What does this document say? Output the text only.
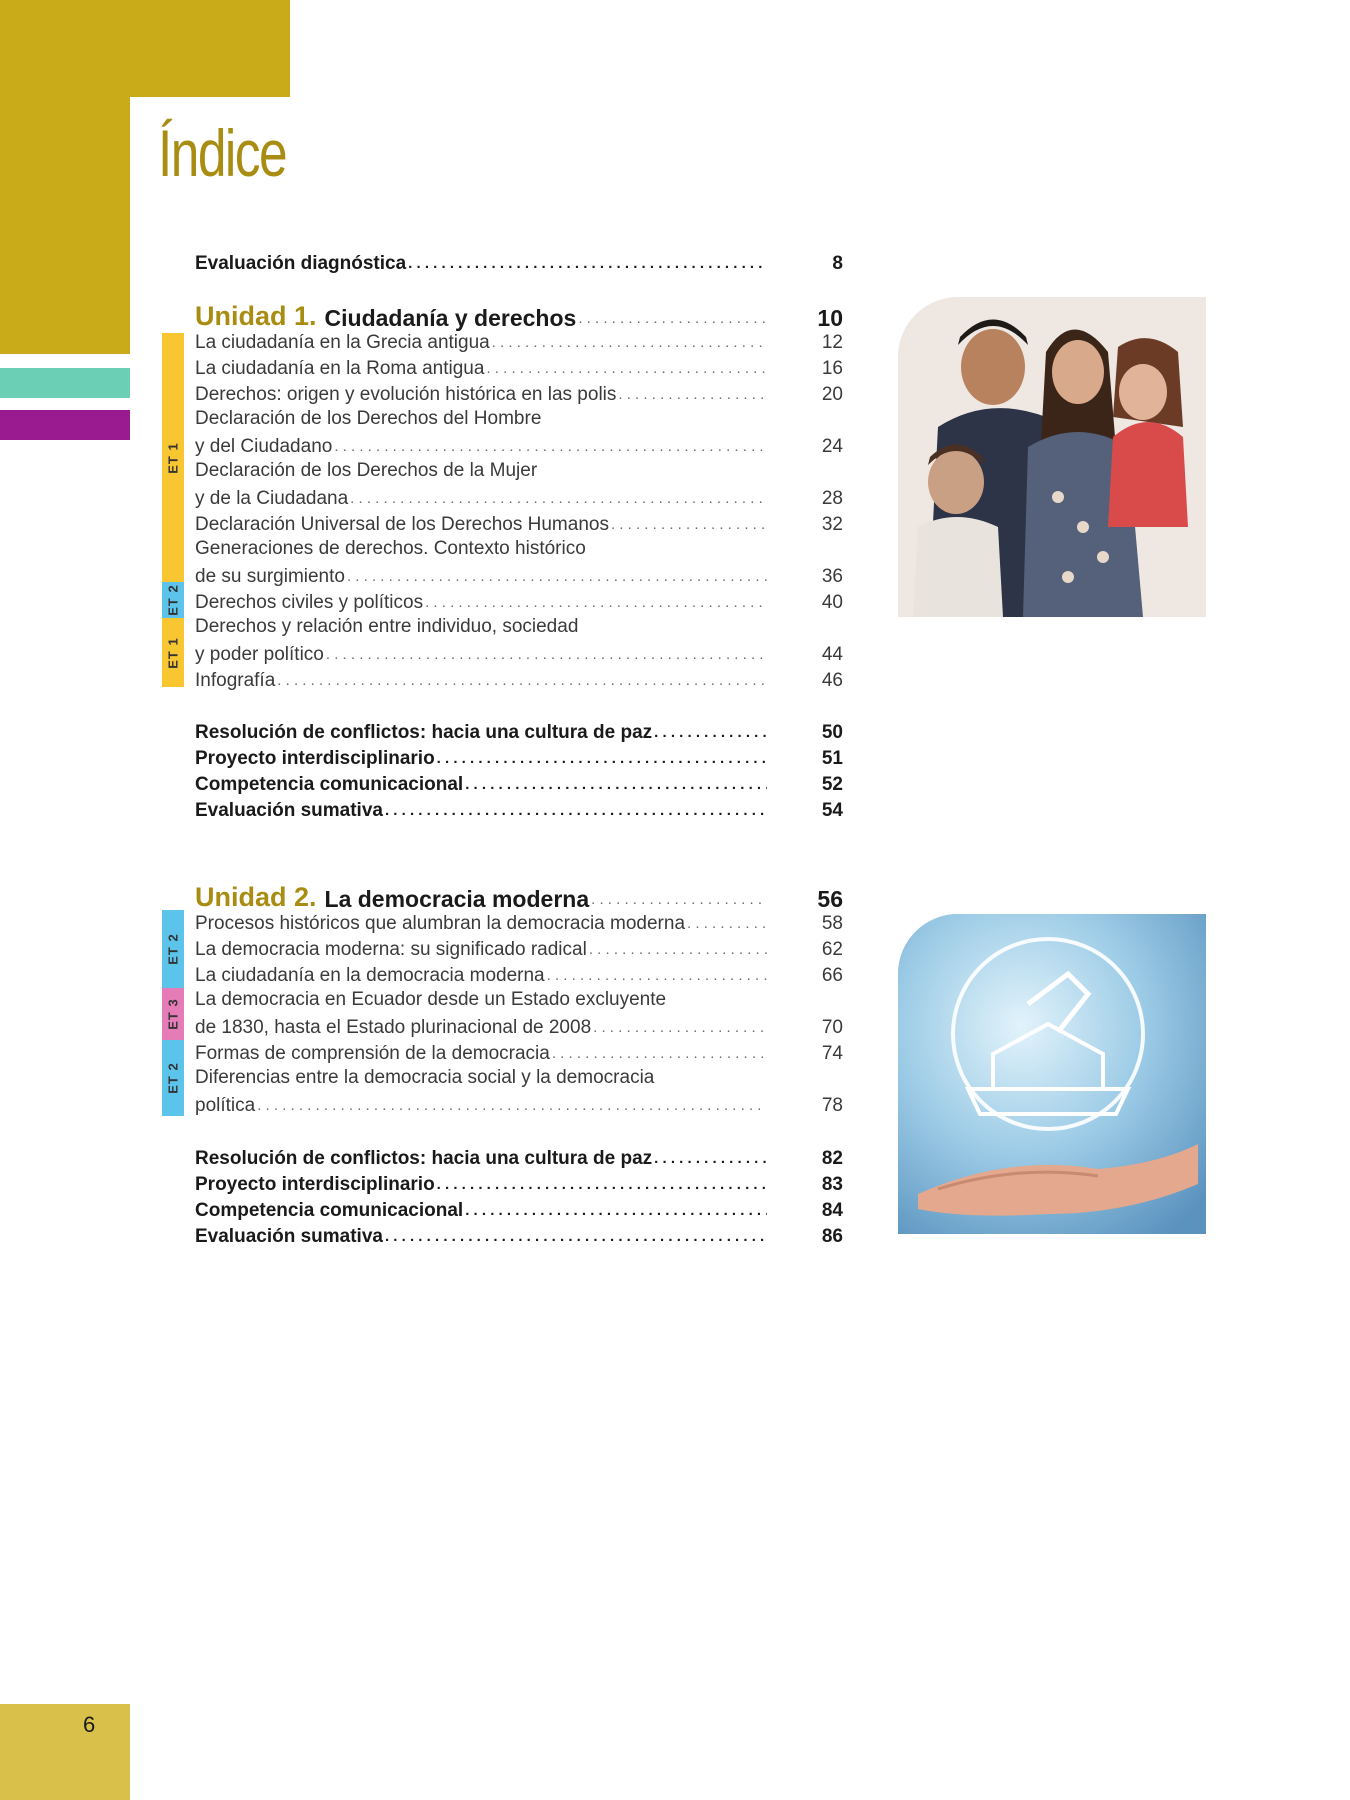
Índice
Evaluación diagnóstica . . .	8
Unidad 1. Ciudadanía y derechos . . .	10
ET 1
ET 2
ET 1
La ciudadanía en la Grecia antigua . . .	12
La ciudadanía en la Roma antigua . . .	16
Derechos: origen y evolución histórica en las polis . . .	20
Declaración de los Derechos del Hombre
y del Ciudadano . . .	24
Declaración de los Derechos de la Mujer
y de la Ciudadana . . .	28
Declaración Universal de los Derechos Humanos . . .	32
Generaciones de derechos. Contexto histórico
de su surgimiento . . .	36
Derechos civiles y políticos . . .	40
Derechos y relación entre individuo, sociedad
y poder político . . .	44
Infografía . . .	46
Resolución de conflictos: hacia una cultura de paz . . .	50
Proyecto interdisciplinario . . .	51
Competencia comunicacional . . .	52
Evaluación sumativa . . .	54
Unidad 2. La democracia moderna . . .	56
ET 2
ET 3
ET 2
Procesos históricos que alumbran la democracia moderna . . .	58
La democracia moderna: su significado radical . . .	62
La ciudadanía en la democracia moderna . . .	66
La democracia en Ecuador desde un Estado excluyente
de 1830, hasta el Estado plurinacional de 2008 . . .	70
Formas de comprensión de la democracia . . .	74
Diferencias entre la democracia social y la democracia
política . . .	78
Resolución de conflictos: hacia una cultura de paz . . .	82
Proyecto interdisciplinario . . .	83
Competencia comunicacional . . .	84
Evaluación sumativa . . .	86
6
